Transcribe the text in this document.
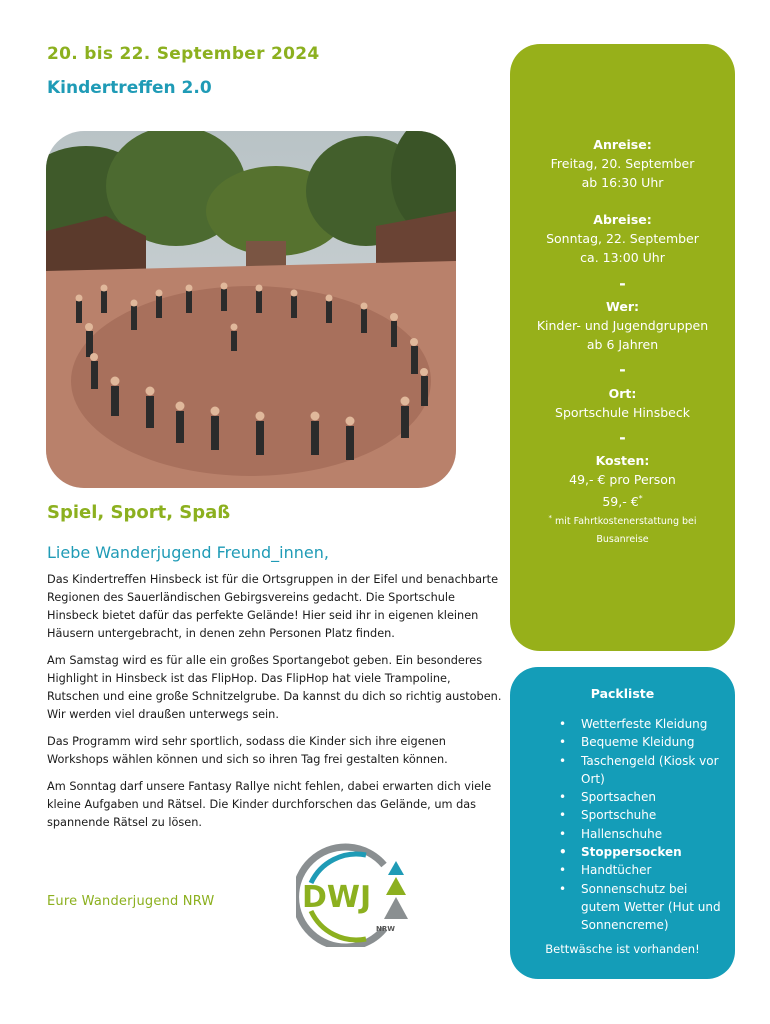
20. bis 22. September 2024
Kindertreffen 2.0
Spiel, Sport, Spaß
Liebe Wanderjugend Freund_innen,

Das Kindertreffen Hinsbeck ist für die Ortsgruppen in der Eifel und benachbarte Regionen des Sauerländischen Gebirgsvereins gedacht. Die Sportschule Hinsbeck bietet dafür das perfekte Gelände! Hier seid ihr in eigenen kleinen Häusern untergebracht, in denen zehn Personen Platz finden.

Am Samstag wird es für alle ein großes Sportangebot geben. Ein besonderes Highlight in Hinsbeck ist das FlipHop. Das FlipHop hat viele Trampoline, Rutschen und eine große Schnitzelgrube. Da kannst du dich so richtig austoben. Wir werden viel draußen unterwegs sein.

Das Programm wird sehr sportlich, sodass die Kinder sich ihre eigenen Workshops wählen können und sich so ihren Tag frei gestalten können.

Am Sonntag darf unsere Fantasy Rallye nicht fehlen, dabei erwarten dich viele kleine Aufgaben und Rätsel. Die Kinder durchforschen das Gelände, um das spannende Rätsel zu lösen.

Eure Wanderjugend NRW	DWJ
NRW
Anreise:
Freitag, 20. September
ab 16:30 Uhr
Abreise:
Sonntag, 22. September
ca. 13:00 Uhr
-
Wer:
Kinder- und Jugendgruppen
ab 6 Jahren
-
Ort:
Sportschule Hinsbeck
-
Kosten:
49,- € pro Person
59,- €*
* mit Fahrtkostenerstattung bei Busanreise
Packliste
• Wetterfeste Kleidung
• Bequeme Kleidung
• Taschengeld (Kiosk vor Ort)
• Sportsachen
• Sportschuhe
• Hallenschuhe
• Stoppersocken
• Handtücher
• Sonnenschutz bei gutem Wetter (Hut und Sonnencreme)
Bettwäsche ist vorhanden!
